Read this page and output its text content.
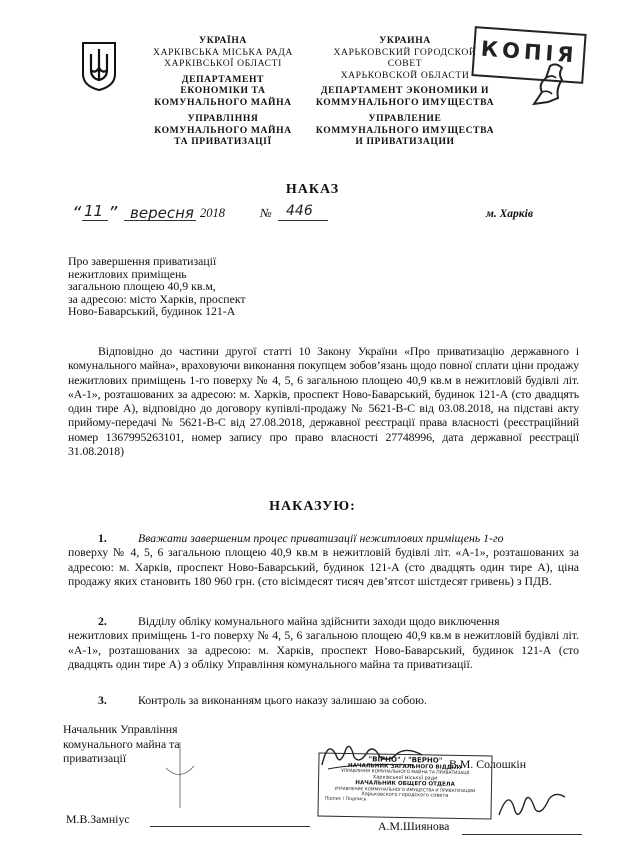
УКРАЇНА
ХАРКІВСЬКА МІСЬКА РАДА
ХАРКІВСЬКОЇ ОБЛАСТІ
ДЕПАРТАМЕНТ
ЕКОНОМІКИ ТА
КОМУНАЛЬНОГО МАЙНА
УПРАВЛІННЯ
КОМУНАЛЬНОГО МАЙНА
ТА ПРИВАТИЗАЦІЇ
УКРАИНА
ХАРЬКОВСКИЙ ГОРОДСКОЙ
СОВЕТ
ХАРЬКОВСКОЙ ОБЛАСТИ
ДЕПАРТАМЕНТ ЭКОНОМИКИ И
КОММУНАЛЬНОГО ИМУЩЕСТВА
УПРАВЛЕНИЕ
КОММУНАЛЬНОГО ИМУЩЕСТВА
И ПРИВАТИЗАЦИИ
КОПІЯ
НАКАЗ
“ 11 ” вересня 2018	№ 446	м. Харків
Про завершення приватизації
нежитлових приміщень
загальною площею 40,9 кв.м,
за адресою: місто Харків, проспект
Ново-Баварський, будинок 121-А
Відповідно до частини другої статті 10 Закону України «Про приватизацію державного і комунального майна», враховуючи виконання покупцем зобов’язань щодо повної сплати ціни продажу нежитлових приміщень 1-го поверху № 4, 5, 6 загальною площею 40,9 кв.м в нежитловій будівлі літ. «А-1», розташованих за адресою: м. Харків, проспект Ново-Баварський, будинок 121-А (сто двадцять один тире А), відповідно до договору купівлі-продажу № 5621-В-С від 03.08.2018, на підставі акту прийому-передачі № 5621-В-С від 27.08.2018, державної реєстрації права власності (реєстраційний номер 1367995263101, номер запису про право власності 27748996, дата державної реєстрації 31.08.2018)
НАКАЗУЮ:
1.	Вважати завершеним процес приватизації нежитлових приміщень 1-го
поверху № 4, 5, 6 загальною площею 40,9 кв.м в нежитловій будівлі літ. «А-1», розташованих за адресою: м. Харків, проспект Ново-Баварський, будинок 121-А (сто двадцять один тире А), ціна продажу яких становить 180 960 грн. (сто вісімдесят тисяч дев’ятсот шістдесят гривень) з ПДВ.
2.	Відділу обліку комунального майна здійснити заходи щодо виключення
нежитлових приміщень 1-го поверху № 4, 5, 6 загальною площею 40,9 кв.м в нежитловій будівлі літ. «А-1», розташованих за адресою: м. Харків, проспект Ново-Баварський, будинок 121-А (сто двадцять один тире А) з обліку Управління комунального майна та приватизації.
3.	Контроль за виконанням цього наказу залишаю за собою.
Начальник Управління
комунального майна та
приватизації	В.М. Солошкін
"ВІРНО" / "ВЕРНО"
НАЧАЛЬНИК ЗАГАЛЬНОГО ВІДДІЛУ
УПРАВЛІННЯ КОМУНАЛЬНОГО МАЙНА ТА ПРИВАТИЗАЦІЇ
Харківської міської ради
НАЧАЛЬНИК ОБЩЕГО ОТДЕЛА
УПРАВЛЕНИЕ КОММУНАЛЬНОГО ИМУЩЕСТВА И ПРИВАТИЗАЦИИ
Харьковского городского совета
Підпис / Подпись
М.В.Замніус	А.М.Шиянова
